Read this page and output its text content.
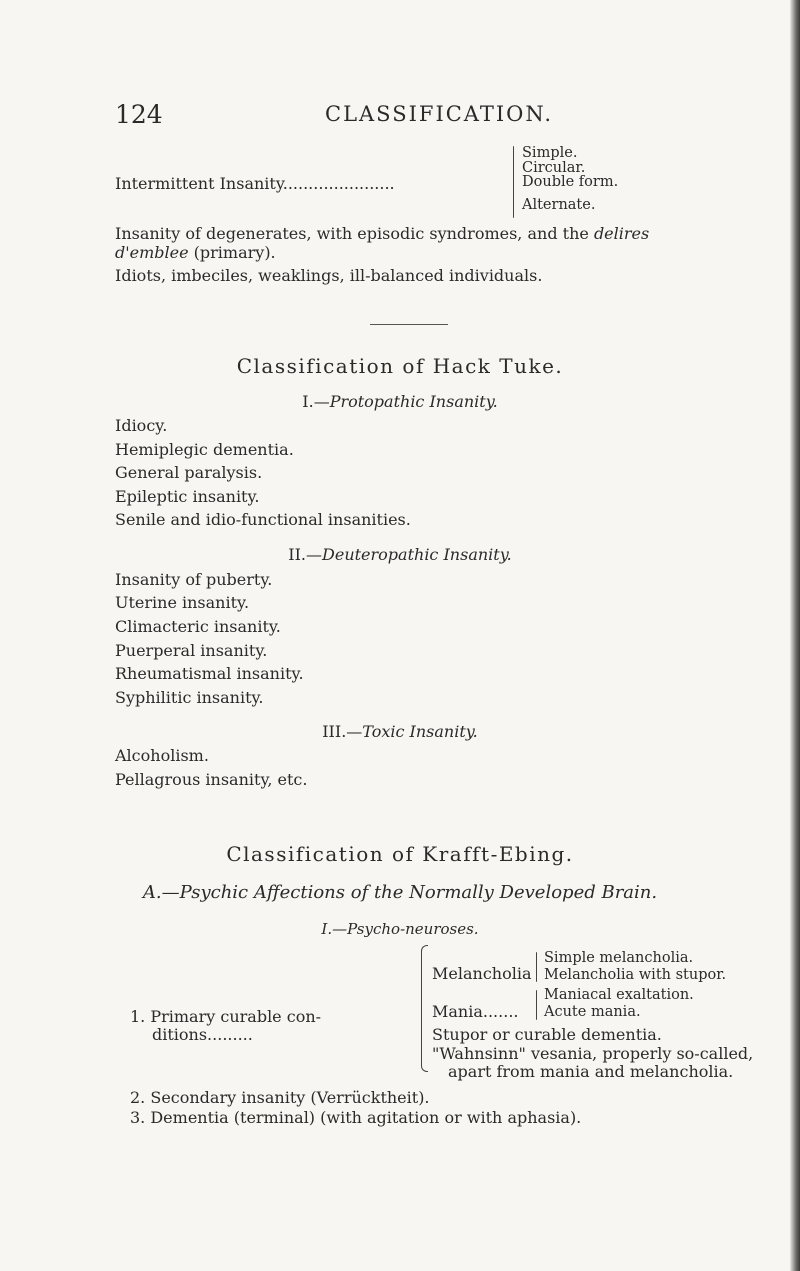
124	CLASSIFICATION.
Intermittent Insanity......................
Simple.
Circular.
Double form.
Alternate.
Insanity of degenerates, with episodic syndromes, and the delires
d'emblee (primary).
Idiots, imbeciles, weaklings, ill-balanced individuals.
Classification of Hack Tuke.
I.—Protopathic Insanity.
Idiocy.
Hemiplegic dementia.
General paralysis.
Epileptic insanity.
Senile and idio-functional insanities.
II.—Deuteropathic Insanity.
Insanity of puberty.
Uterine insanity.
Climacteric insanity.
Puerperal insanity.
Rheumatismal insanity.
Syphilitic insanity.
III.—Toxic Insanity.
Alcoholism.
Pellagrous insanity, etc.
Classification of Krafft-Ebing.
A.—Psychic Affections of the Normally Developed Brain.
I.—Psycho-neuroses.
1. Primary curable con-
ditions.........
Melancholia
Simple melancholia.
Melancholia with stupor.
Mania.......
Maniacal exaltation.
Acute mania.
Stupor or curable dementia.
"Wahnsinn" vesania, properly so-called,
apart from mania and melancholia.
2. Secondary insanity (Verrücktheit).
3. Dementia (terminal) (with agitation or with aphasia).
